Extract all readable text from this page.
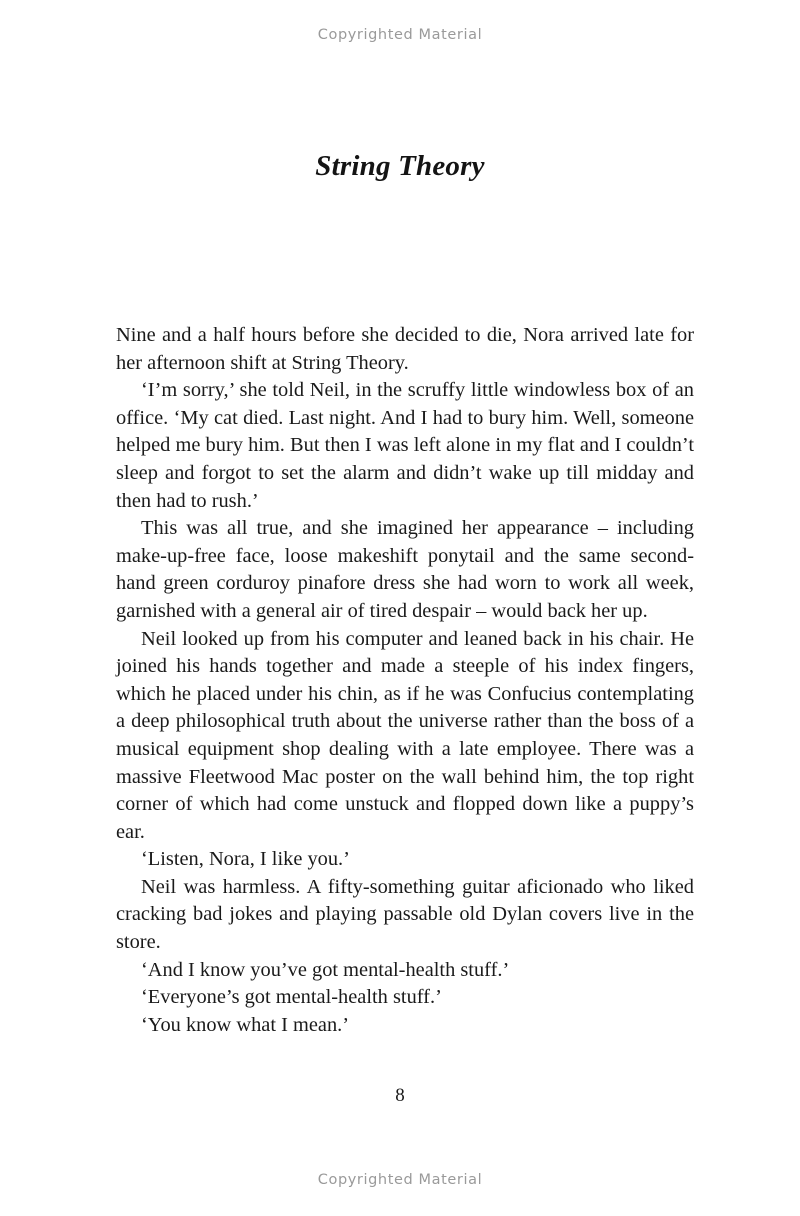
Copyrighted Material
String Theory

Nine and a half hours before she decided to die, Nora arrived late for her afternoon shift at String Theory.

‘I’m sorry,’ she told Neil, in the scruffy little windowless box of an office. ‘My cat died. Last night. And I had to bury him. Well, someone helped me bury him. But then I was left alone in my flat and I couldn’t sleep and forgot to set the alarm and didn’t wake up till midday and then had to rush.’

This was all true, and she imagined her appearance – including make-up-free face, loose makeshift ponytail and the same second-hand green corduroy pinafore dress she had worn to work all week, garnished with a general air of tired despair – would back her up.

Neil looked up from his computer and leaned back in his chair. He joined his hands together and made a steeple of his index fingers, which he placed under his chin, as if he was Confucius contemplating a deep philosophical truth about the universe rather than the boss of a musical equipment shop dealing with a late employee. There was a massive Fleetwood Mac poster on the wall behind him, the top right corner of which had come unstuck and flopped down like a puppy’s ear.

‘Listen, Nora, I like you.’

Neil was harmless. A fifty-something guitar aficionado who liked cracking bad jokes and playing passable old Dylan covers live in the store.

‘And I know you’ve got mental-health stuff.’

‘Everyone’s got mental-health stuff.’

‘You know what I mean.’

8
Copyrighted Material
